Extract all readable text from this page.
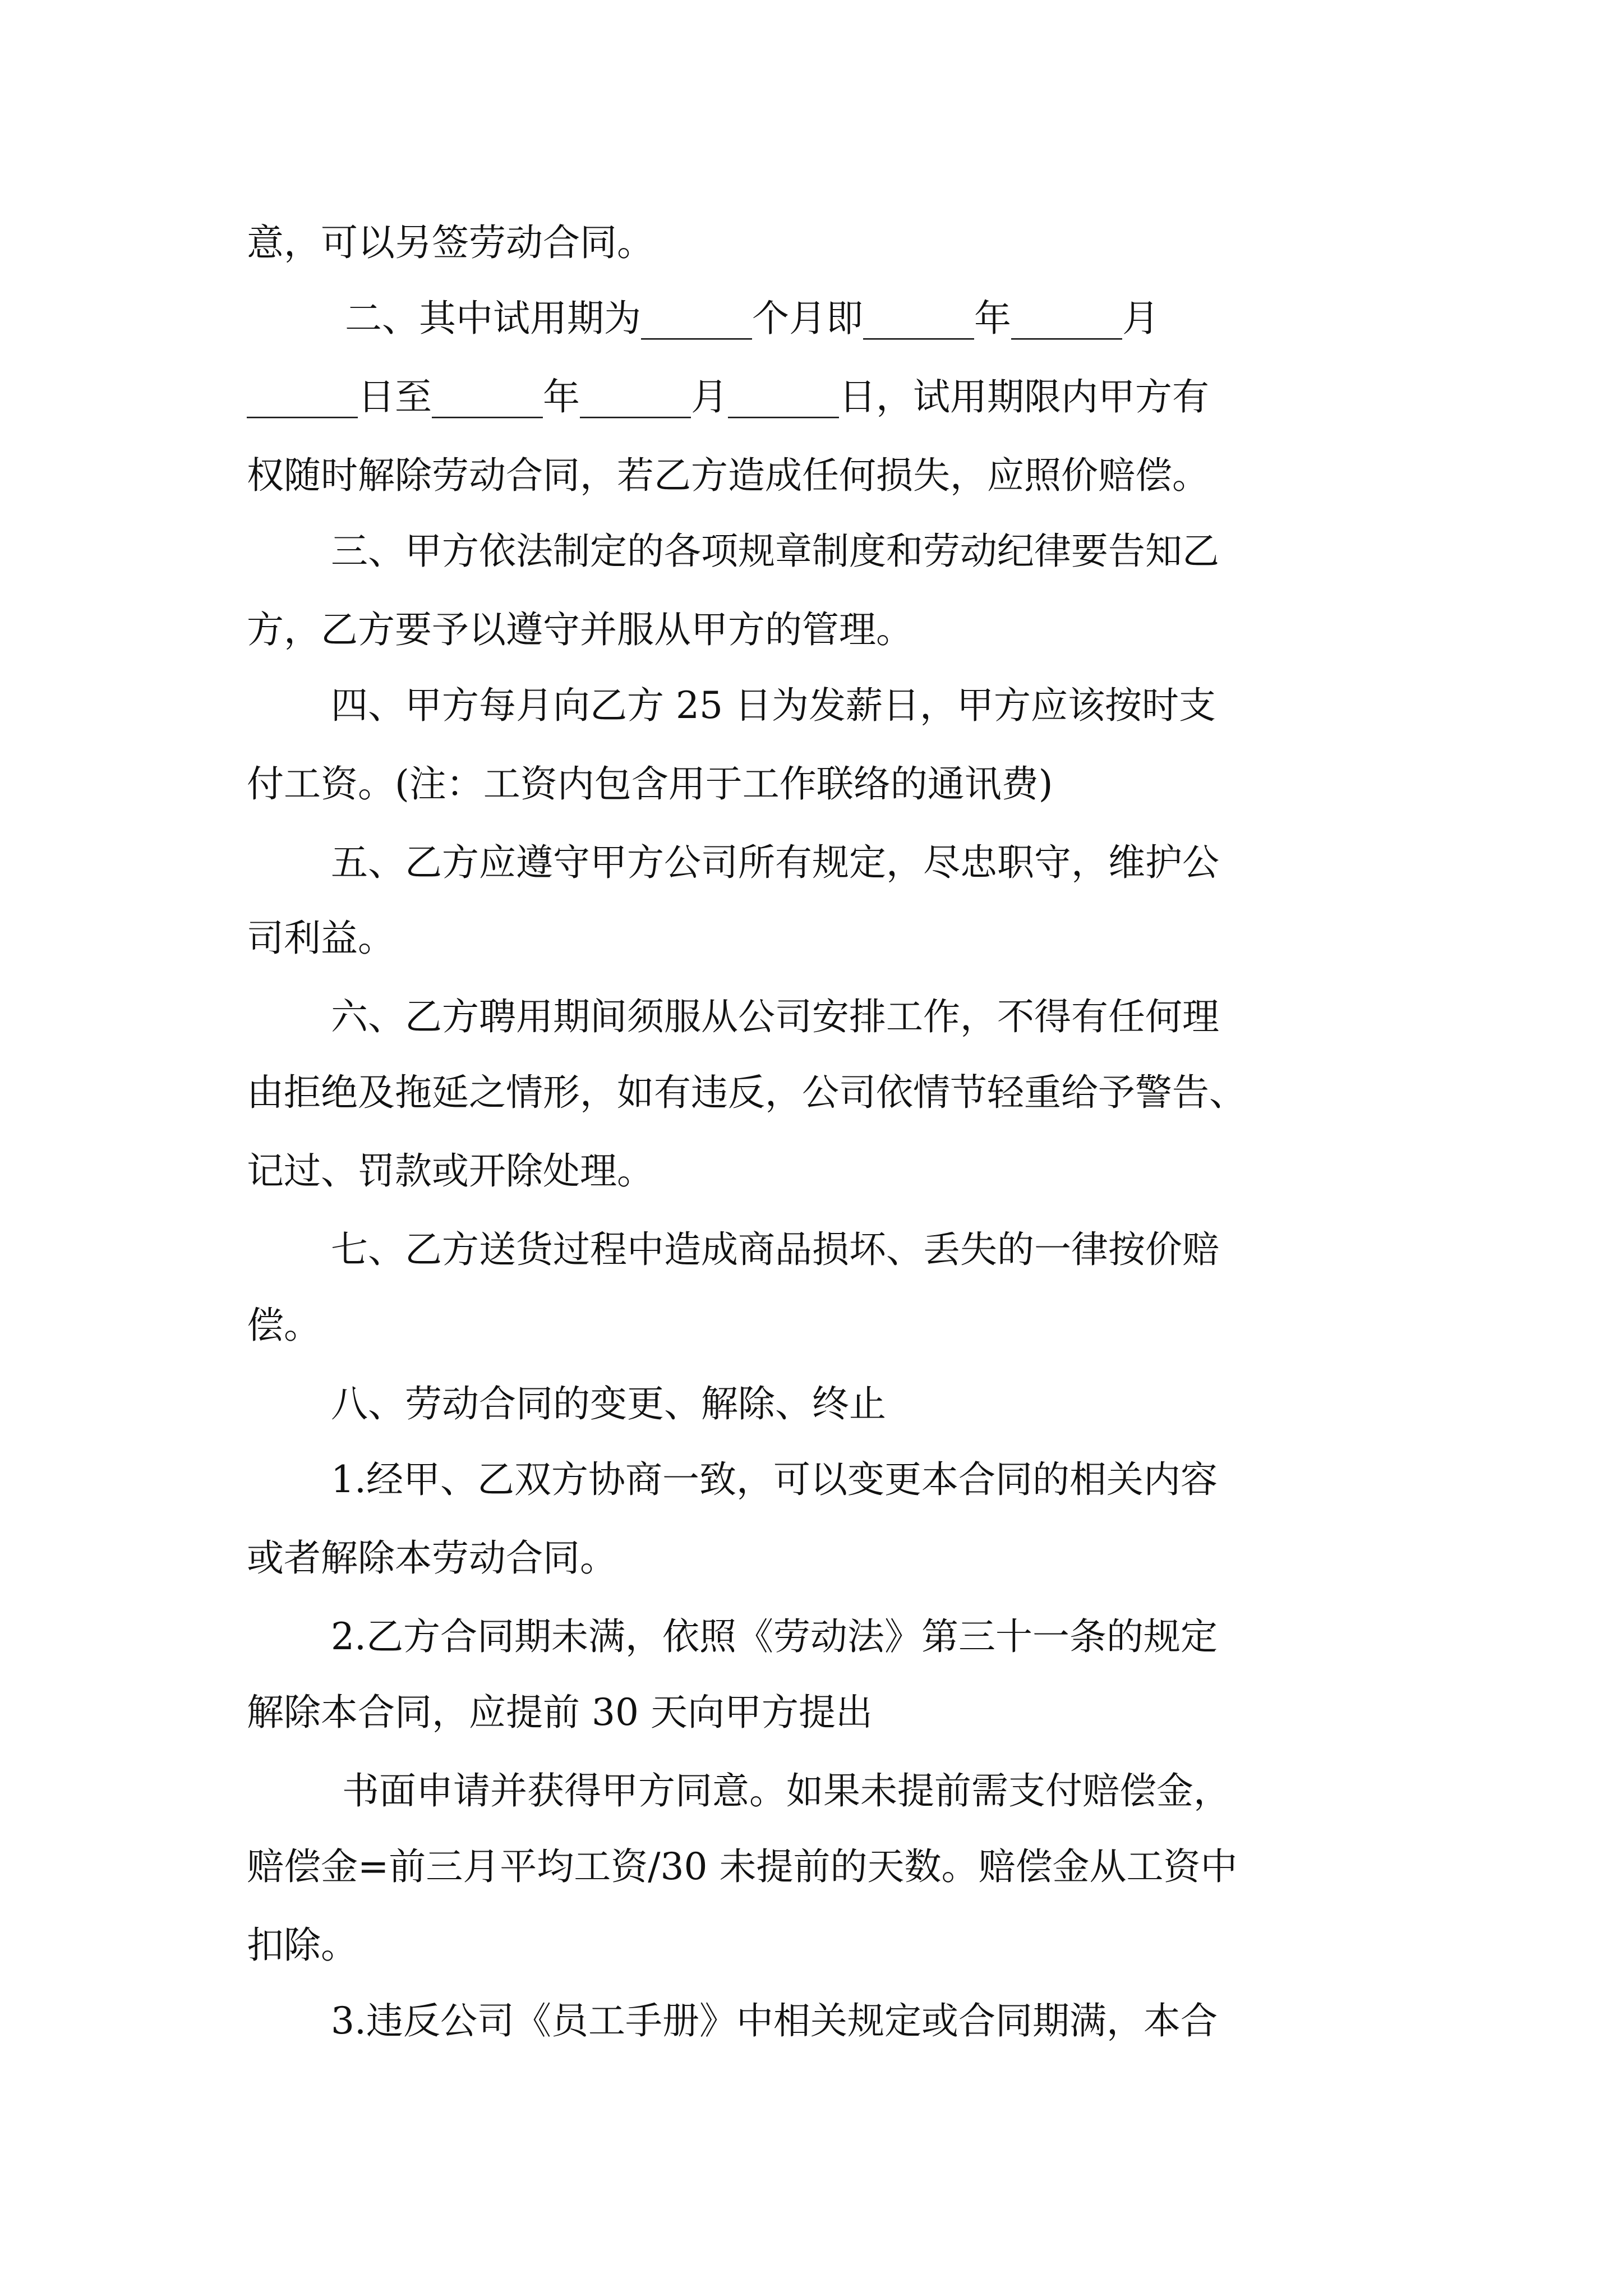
意，可以另签劳动合同。
二、其中试用期为______个月即______年______月
______日至______年______月______日，试用期限内甲方有
权随时解除劳动合同，若乙方造成任何损失，应照价赔偿。
三、甲方依法制定的各项规章制度和劳动纪律要告知乙
方，乙方要予以遵守并服从甲方的管理。
四、甲方每月向乙方 25 日为发薪日，甲方应该按时支
付工资。(注：工资内包含用于工作联络的通讯费)
五、乙方应遵守甲方公司所有规定，尽忠职守，维护公
司利益。
六、乙方聘用期间须服从公司安排工作，不得有任何理
由拒绝及拖延之情形，如有违反，公司依情节轻重给予警告、
记过、罚款或开除处理。
七、乙方送货过程中造成商品损坏、丢失的一律按价赔
偿。
八、劳动合同的变更、解除、终止
1.经甲、乙双方协商一致，可以变更本合同的相关内容
或者解除本劳动合同。
2.乙方合同期未满，依照《劳动法》第三十一条的规定
解除本合同，应提前 30 天向甲方提出
书面申请并获得甲方同意。如果未提前需支付赔偿金，
赔偿金=前三月平均工资/30 未提前的天数。赔偿金从工资中
扣除。
3.违反公司《员工手册》中相关规定或合同期满，本合
